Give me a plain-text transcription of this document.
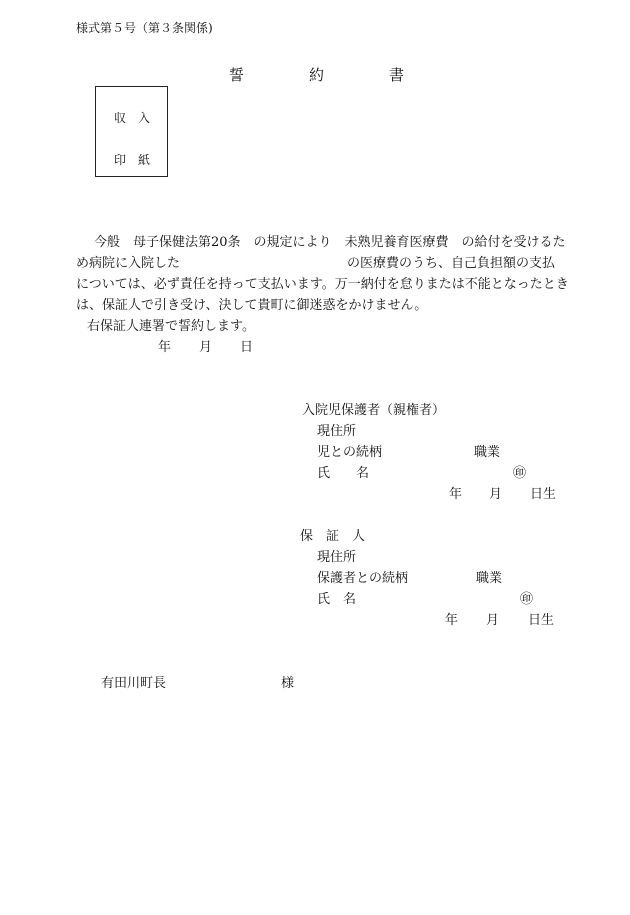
様式第５号（第３条関係)
誓	約	書
収　入
印　紙
今般　母子保健法第20条　の規定により　未熟児養育医療費　の給付を受けるた
め病院に入院した	の医療費のうち、自己負担額の支払
については、必ず責任を持って支払います。万一納付を怠りまたは不能となったとき
は、保証人で引き受け、決して貴町に御迷惑をかけません。
右保証人連署で誓約します。
年 月 日
入院児保護者（親権者）
現住所
児との続柄	職業
氏　　名	㊞
年 月 日生
保　証　人
現住所
保護者との続柄	職業
氏　名	㊞
年 月 日生
有田川町長	様
